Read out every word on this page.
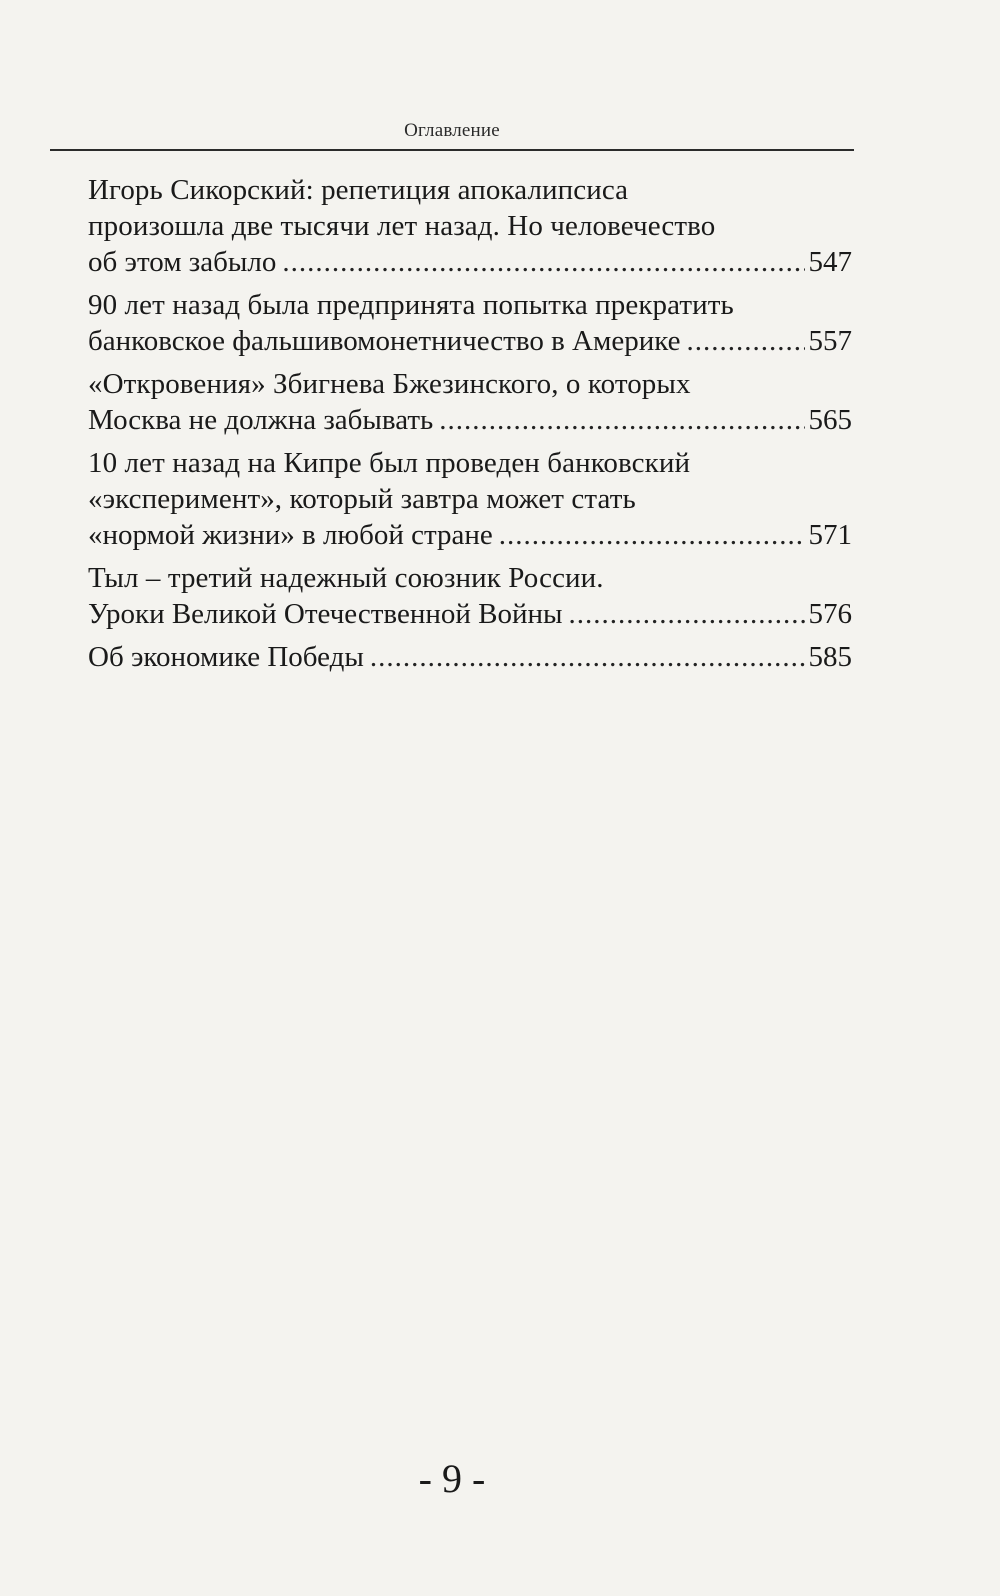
Оглавление
Игорь Сикорский: репетиция апокалипсиса
произошла две тысячи лет назад. Но человечество
об этом забыло .....	547
90 лет назад была предпринята попытка прекратить
банковское фальшивомонетничество в Америке .....	557
«Откровения» Збигнева Бжезинского, о которых
Москва не должна забывать .....	565
10 лет назад на Кипре был проведен банковский
«эксперимент», который завтра может стать
«нормой жизни» в любой стране .....	571
Тыл – третий надежный союзник России.
Уроки Великой Отечественной Войны .....	576
Об экономике Победы .....	585
- 9 -
